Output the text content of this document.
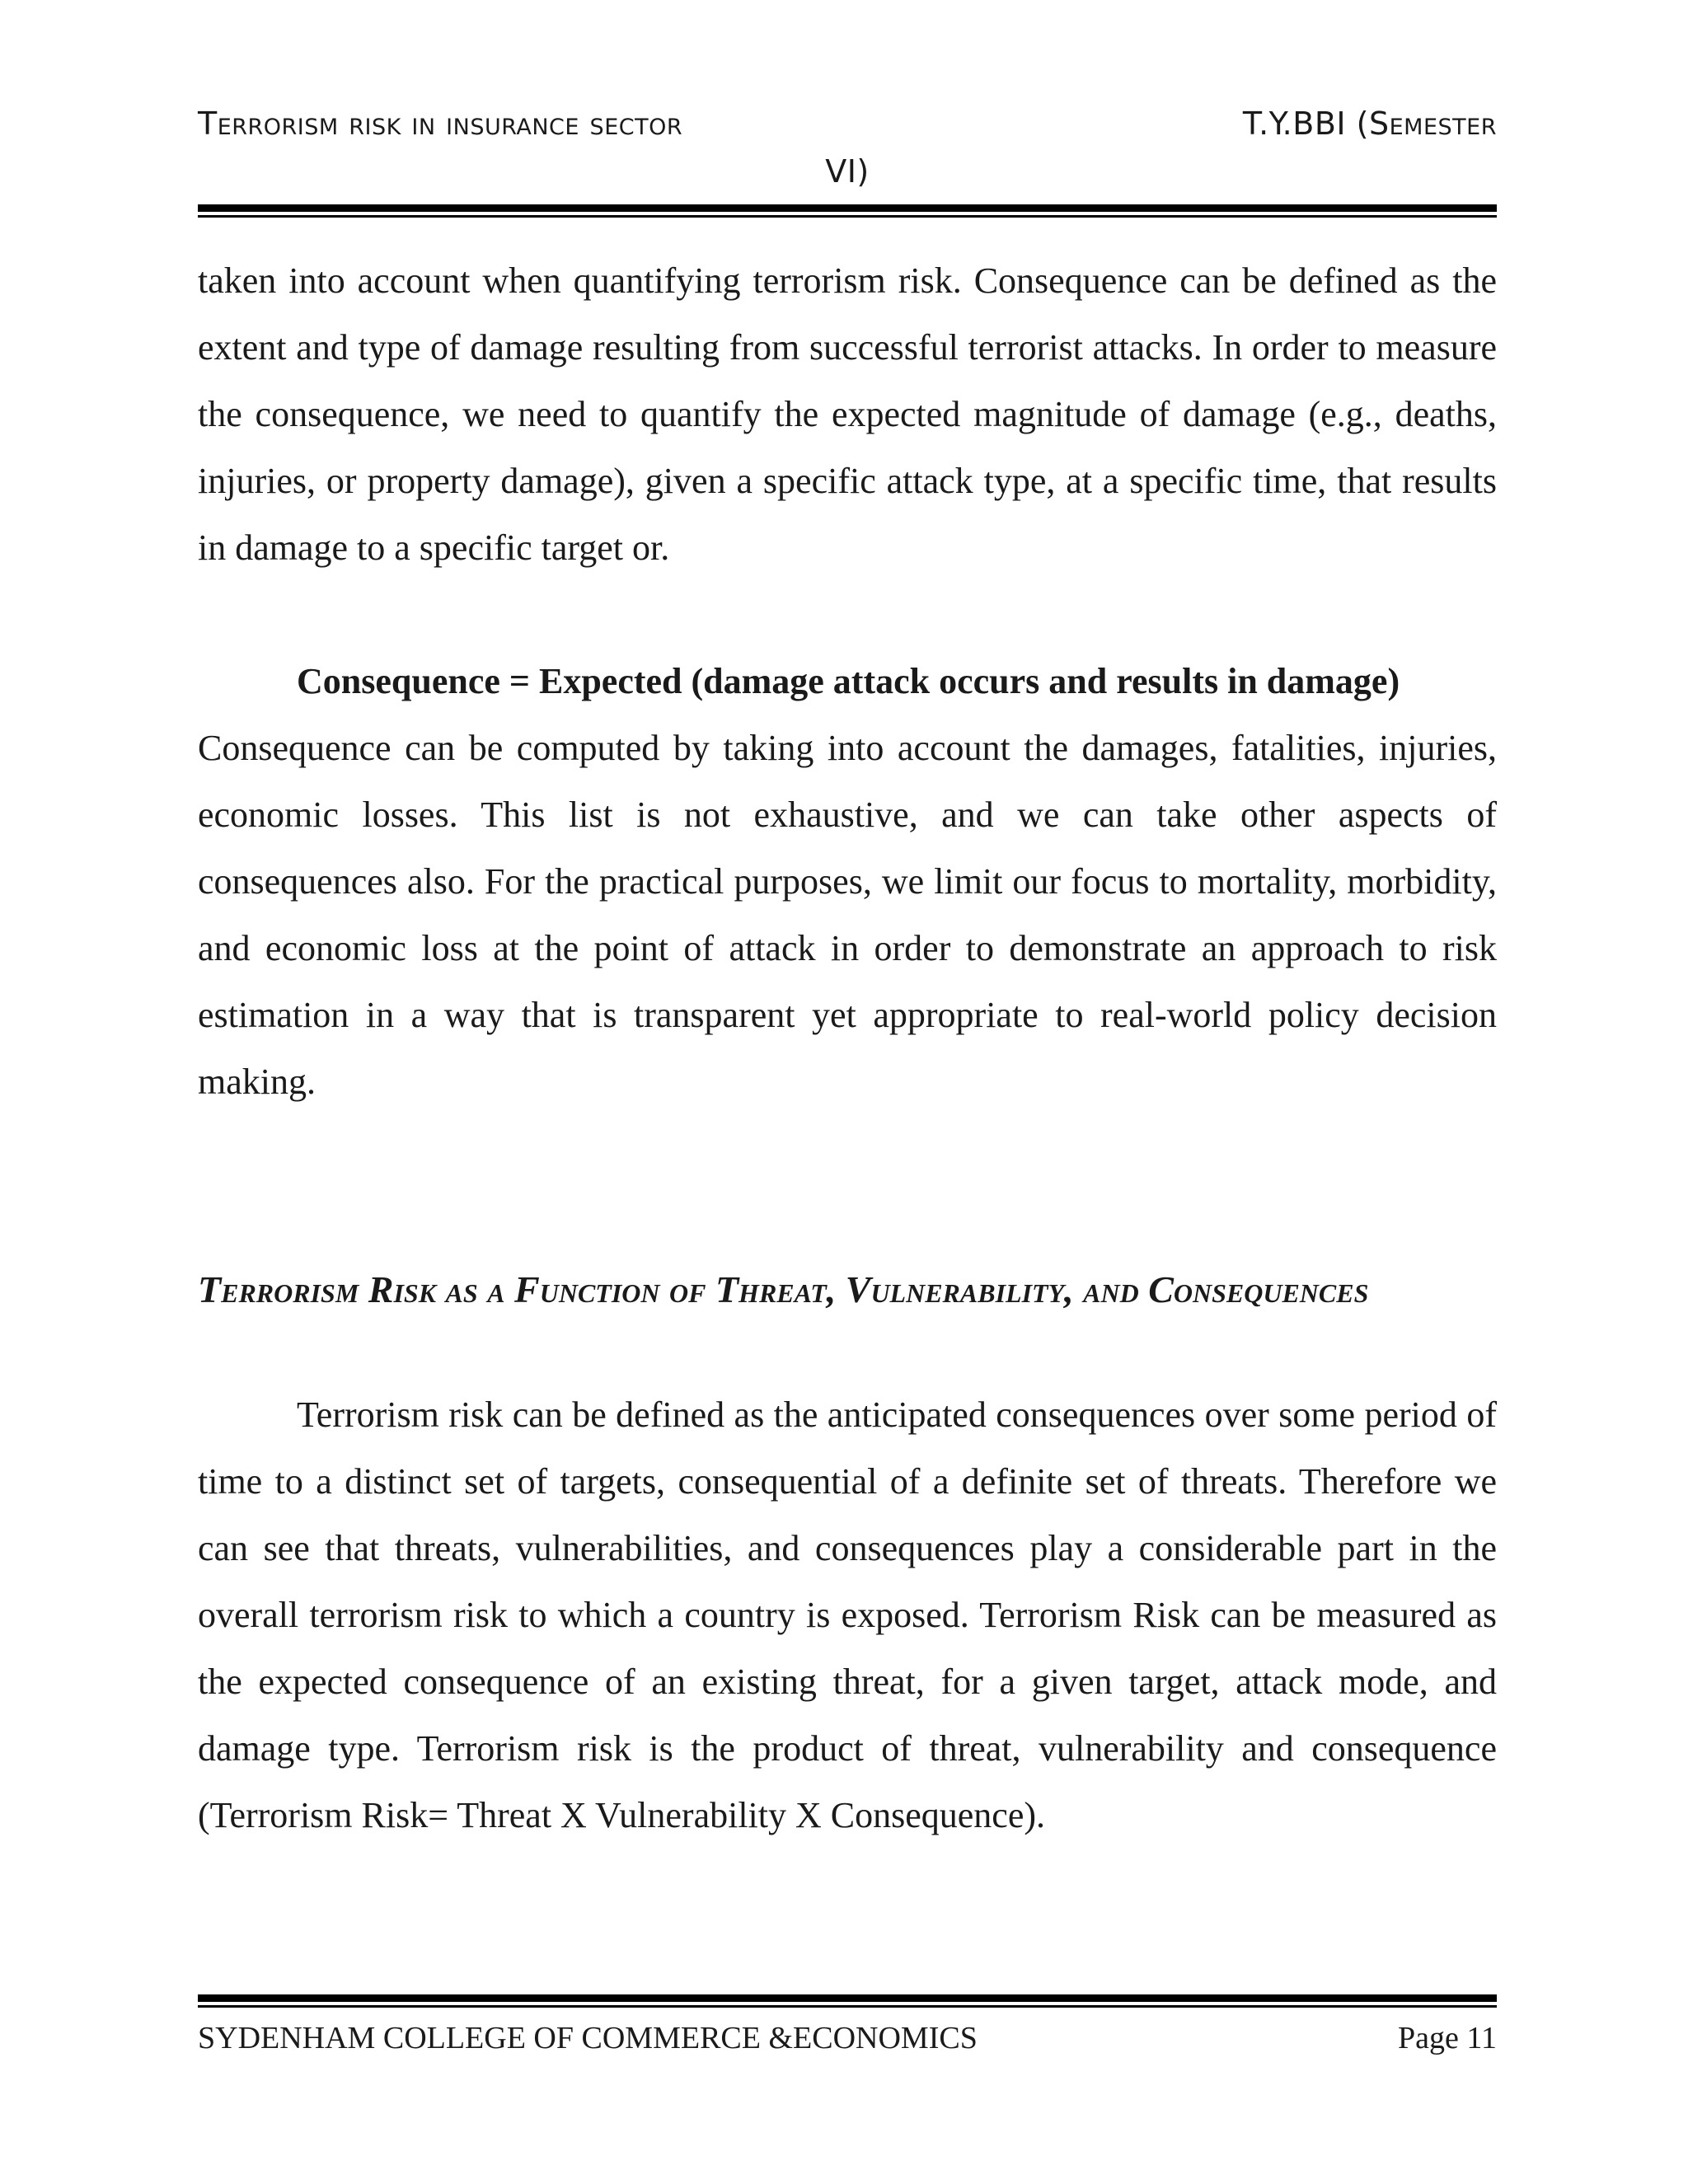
Terrorism risk in insurance sector	T.Y.BBI (Semester
VI)

taken into account when quantifying terrorism risk. Consequence can be defined as the extent and type of damage resulting from successful terrorist attacks. In order to measure the consequence, we need to quantify the expected magnitude of damage (e.g., deaths, injuries, or property damage), given a specific attack type, at a specific time, that results in damage to a specific target or.

Consequence = Expected (damage attack occurs and results in damage)

Consequence can be computed by taking into account the damages, fatalities, injuries, economic losses. This list is not exhaustive, and we can take other aspects of consequences also. For the practical purposes, we limit our focus to mortality, morbidity, and economic loss at the point of attack in order to demonstrate an approach to risk estimation in a way that is transparent yet appropriate to real-world policy decision making.

Terrorism Risk as a Function of Threat, Vulnerability, and Consequences

Terrorism risk can be defined as the anticipated consequences over some period of time to a distinct set of targets, consequential of a definite set of threats. Therefore we can see that threats, vulnerabilities, and consequences play a considerable part in the overall terrorism risk to which a country is exposed. Terrorism Risk can be measured as the expected consequence of an existing threat, for a given target, attack mode, and damage type. Terrorism risk is the product of threat, vulnerability and consequence (Terrorism Risk= Threat X Vulnerability X Consequence).

SYDENHAM COLLEGE OF COMMERCE &ECONOMICS	Page 11
